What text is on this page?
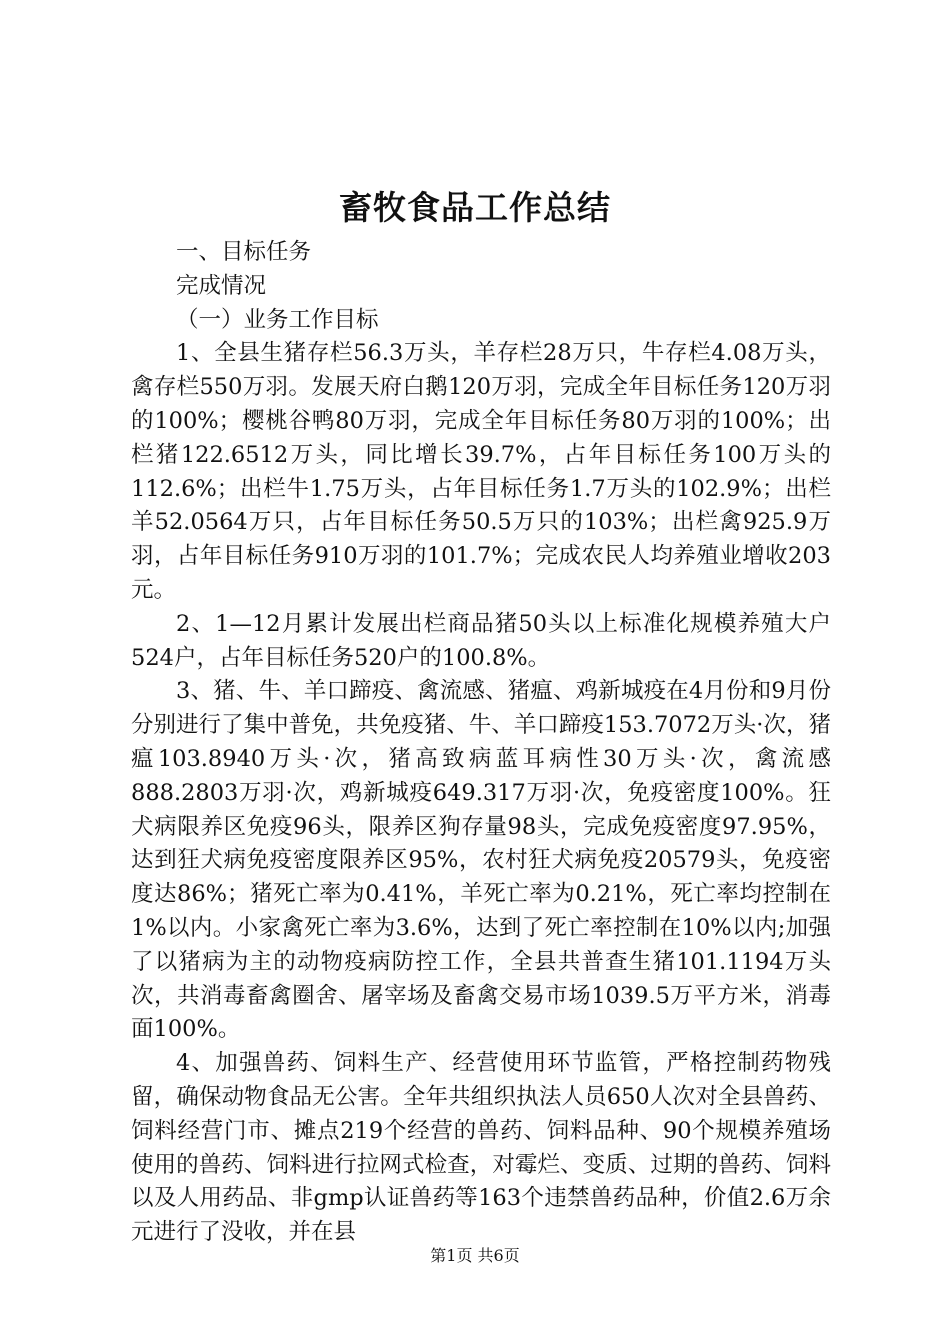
畜牧食品工作总结

一、目标任务

完成情况

（一）业务工作目标

1、全县生猪存栏56.3万头，羊存栏28万只，牛存栏4.08万头，禽存栏550万羽。发展天府白鹅120万羽，完成全年目标任务120万羽的100%；樱桃谷鸭80万羽，完成全年目标任务80万羽的100%；出栏猪122.6512万头，同比增长39.7%，占年目标任务100万头的112.6%；出栏牛1.75万头，占年目标任务1.7万头的102.9%；出栏羊52.0564万只，占年目标任务50.5万只的103%；出栏禽925.9万羽，占年目标任务910万羽的101.7%；完成农民人均养殖业增收203元。

2、1—12月累计发展出栏商品猪50头以上标准化规模养殖大户524户，占年目标任务520户的100.8%。

3、猪、牛、羊口蹄疫、禽流感、猪瘟、鸡新城疫在4月份和9月份分别进行了集中普免，共免疫猪、牛、羊口蹄疫153.7072万头·次，猪瘟103.8940万头·次，猪高致病蓝耳病性30万头·次，禽流感888.2803万羽·次，鸡新城疫649.317万羽·次，免疫密度100%。狂犬病限养区免疫96头，限养区狗存量98头，完成免疫密度97.95%，达到狂犬病免疫密度限养区95%，农村狂犬病免疫20579头，免疫密度达86%；猪死亡率为0.41%，羊死亡率为0.21%，死亡率均控制在1%以内。小家禽死亡率为3.6%，达到了死亡率控制在10%以内;加强了以猪病为主的动物疫病防控工作，全县共普查生猪101.1194万头次，共消毒畜禽圈舍、屠宰场及畜禽交易市场1039.5万平方米，消毒面100%。

4、加强兽药、饲料生产、经营使用环节监管，严格控制药物残留，确保动物食品无公害。全年共组织执法人员650人次对全县兽药、饲料经营门市、摊点219个经营的兽药、饲料品种、90个规模养殖场使用的兽药、饲料进行拉网式检查，对霉烂、变质、过期的兽药、饲料以及人用药品、非gmp认证兽药等163个违禁兽药品种，价值2.6万余元进行了没收，并在县

第1页 共6页
